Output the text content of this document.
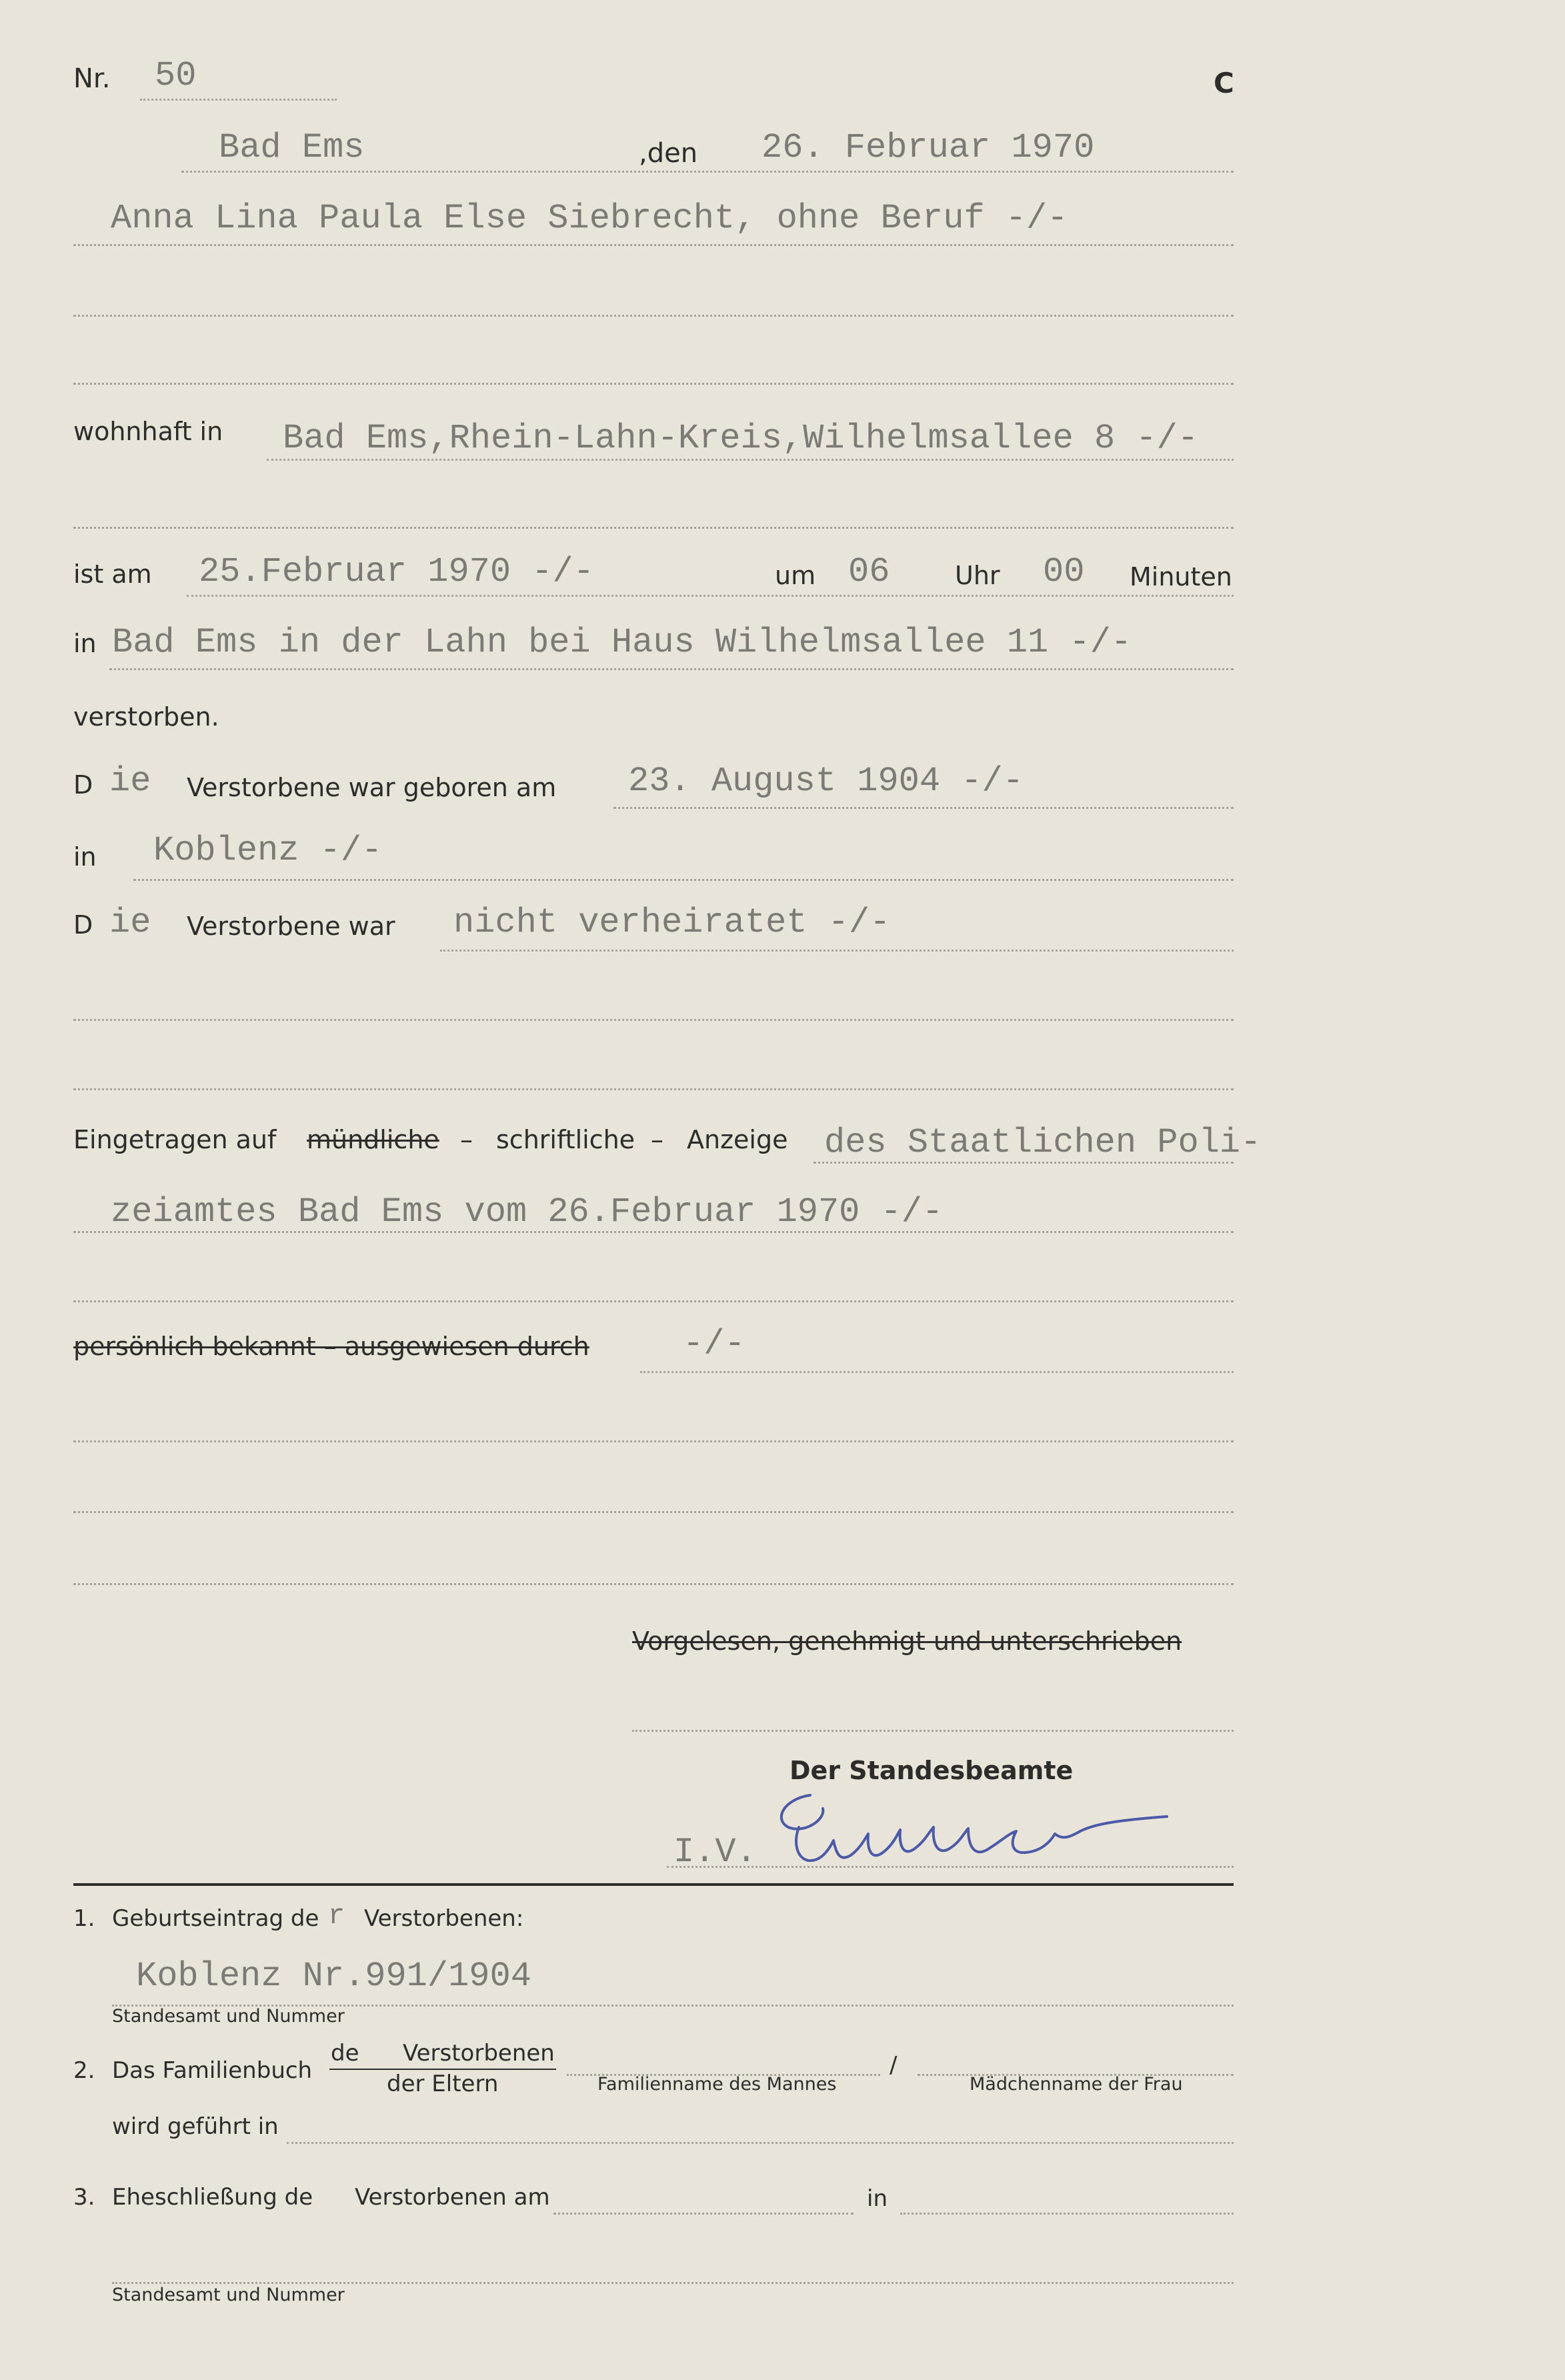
Nr. 50	C
Bad Ems	,den 26. Februar 1970
Anna Lina Paula Else Siebrecht, ohne Beruf -/-
wohnhaft in Bad Ems,Rhein-Lahn-Kreis,Wilhelmsallee 8 -/-
ist am 25.Februar 1970 -/-	um 06	Uhr 00 Minuten
in Bad Ems in der Lahn bei Haus Wilhelmsallee 11 -/-
verstorben.
D ie Verstorbene war geboren am 23. August 1904 -/-
in Koblenz -/-
D ie Verstorbene war nicht verheiratet -/-
Eingetragen auf mündliche – schriftliche – Anzeige des Staatlichen Poli-
zeiamtes Bad Ems vom 26.Februar 1970 -/-
persönlich bekannt – ausgewiesen durch	-/-
Vorgelesen, genehmigt und unterschrieben
Der Standesbeamte
I.V.
1. Geburtseintrag de r Verstorbenen:
Koblenz Nr.991/1904
Standesamt und Nummer
2. Das Familienbuch
de Verstorbenen
der Eltern	Familienname des Mannes
/
Mädchenname der Frau
wird geführt in
3. Eheschließung de Verstorbenen am	in
Standesamt und Nummer
